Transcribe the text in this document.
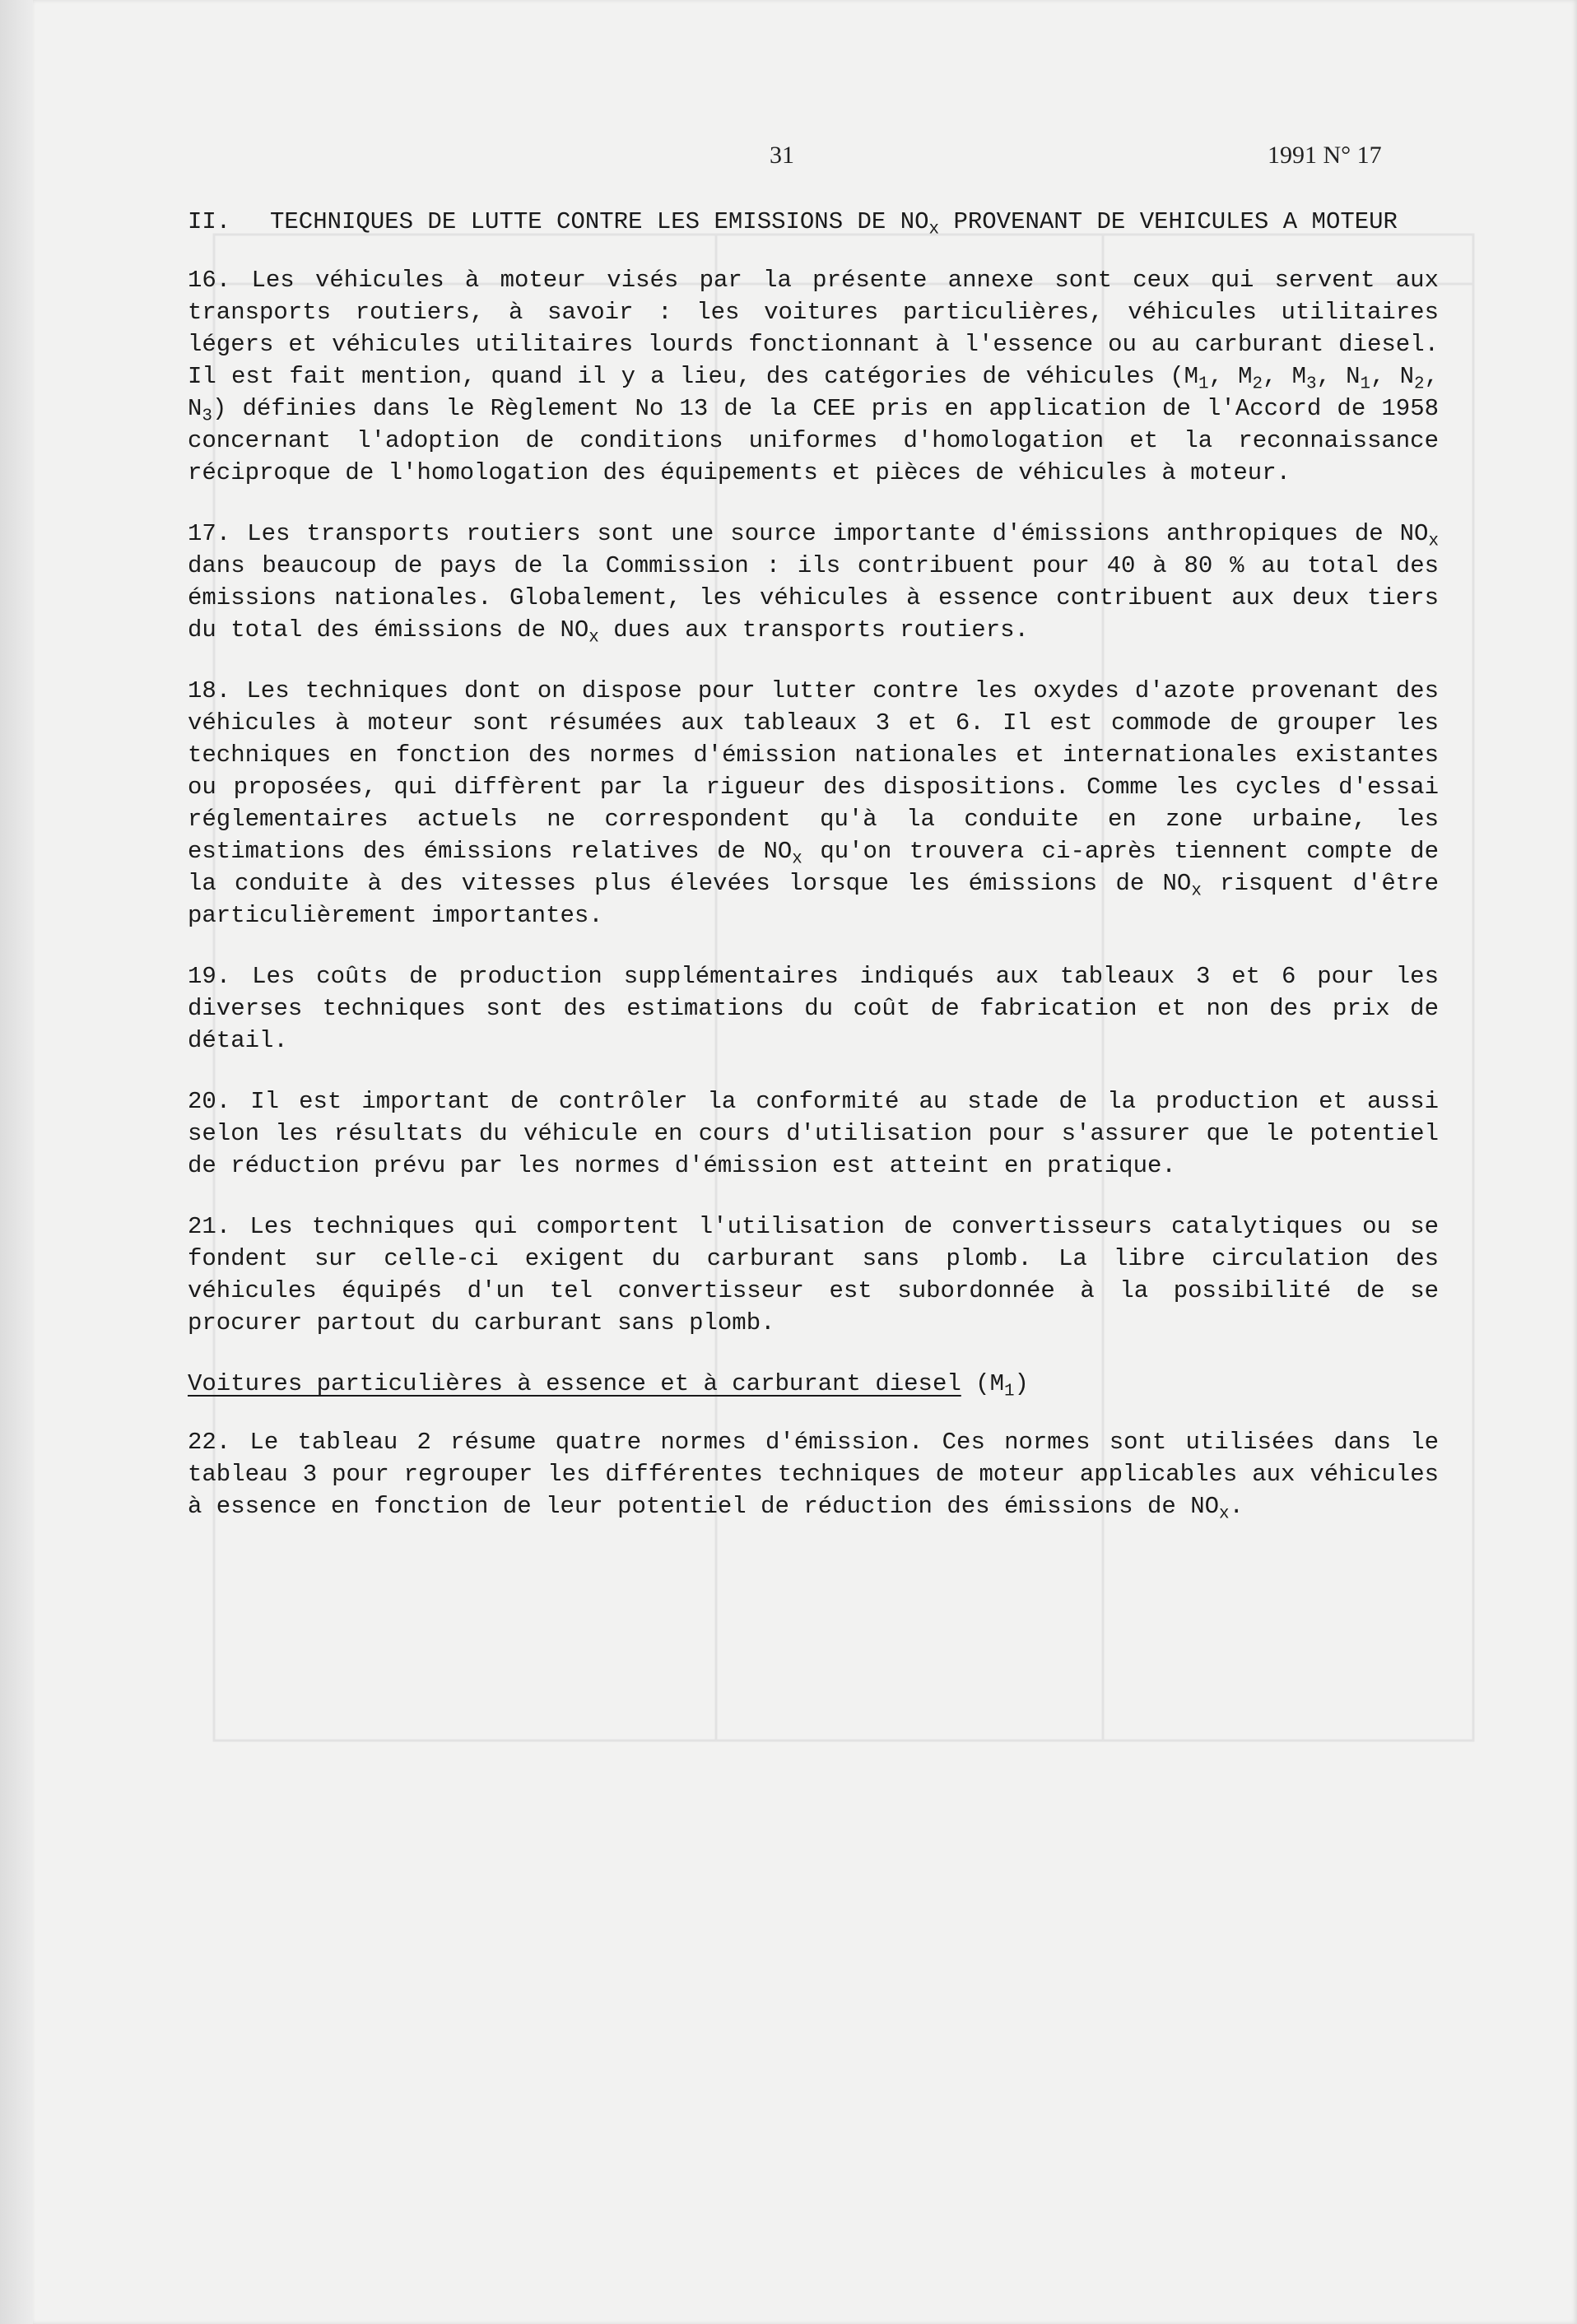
31	1991 N° 17
II.	TECHNIQUES DE LUTTE CONTRE LES EMISSIONS DE $NO_x$ PROVENANT DE VEHICULES A MOTEUR

16. Les véhicules à moteur visés par la présente annexe sont ceux qui servent aux transports routiers, à savoir : les voitures particulières, véhicules utilitaires légers et véhicules utilitaires lourds fonctionnant à l'essence ou au carburant diesel. Il est fait mention, quand il y a lieu, des catégories de véhicules ($M_1$, $M_2$, $M_3$, $N_1$, $N_2$, $N_3$) définies dans le Règlement No 13 de la CEE pris en application de l'Accord de 1958 concernant l'adoption de conditions uniformes d'homologation et la reconnaissance réciproque de l'homologation des équipements et pièces de véhicules à moteur.

17. Les transports routiers sont une source importante d'émissions anthropiques de $NO_x$ dans beaucoup de pays de la Commission : ils contribuent pour 40 à 80 % au total des émissions nationales. Globalement, les véhicules à essence contribuent aux deux tiers du total des émissions de $NO_x$ dues aux transports routiers.

18. Les techniques dont on dispose pour lutter contre les oxydes d'azote provenant des véhicules à moteur sont résumées aux tableaux 3 et 6. Il est commode de grouper les techniques en fonction des normes d'émission nationales et internationales existantes ou proposées, qui diffèrent par la rigueur des dispositions. Comme les cycles d'essai réglementaires actuels ne correspondent qu'à la conduite en zone urbaine, les estimations des émissions relatives de $NO_x$ qu'on trouvera ci-après tiennent compte de la conduite à des vitesses plus élevées lorsque les émissions de $NO_x$ risquent d'être particulièrement importantes.

19. Les coûts de production supplémentaires indiqués aux tableaux 3 et 6 pour les diverses techniques sont des estimations du coût de fabrication et non des prix de détail.

20. Il est important de contrôler la conformité au stade de la production et aussi selon les résultats du véhicule en cours d'utilisation pour s'assurer que le potentiel de réduction prévu par les normes d'émission est atteint en pratique.

21. Les techniques qui comportent l'utilisation de convertisseurs catalytiques ou se fondent sur celle-ci exigent du carburant sans plomb. La libre circulation des véhicules équipés d'un tel convertisseur est subordonnée à la possibilité de se procurer partout du carburant sans plomb.

Voitures particulières à essence et à carburant diesel $(M_1)$

22. Le tableau 2 résume quatre normes d'émission. Ces normes sont utilisées dans le tableau 3 pour regrouper les différentes techniques de moteur applicables aux véhicules à essence en fonction de leur potentiel de réduction des émissions de $NO_x$.
